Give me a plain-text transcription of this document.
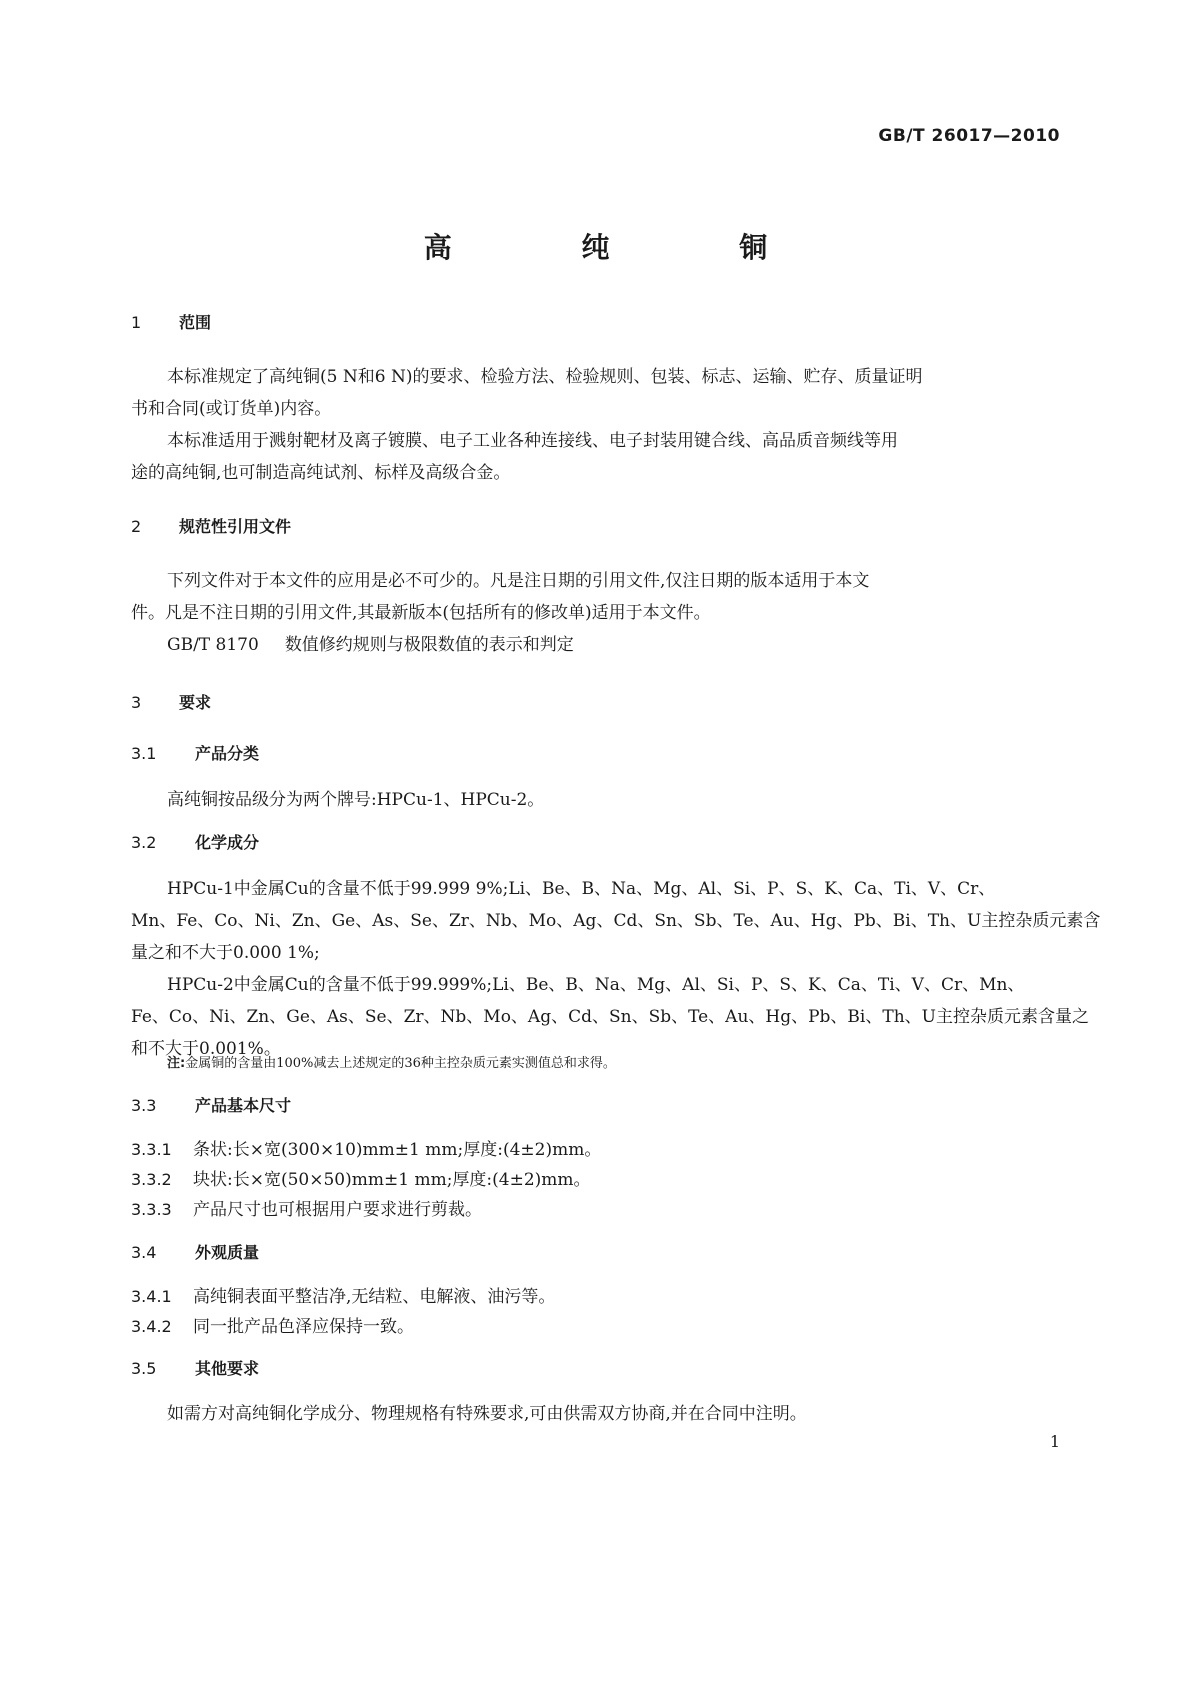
GB/T 26017—2010
高 纯 铜
1 范围
本标准规定了高纯铜(5 N和6 N)的要求、检验方法、检验规则、包装、标志、运输、贮存、质量证明
书和合同(或订货单)内容。
本标准适用于溅射靶材及离子镀膜、电子工业各种连接线、电子封装用键合线、高品质音频线等用
途的高纯铜,也可制造高纯试剂、标样及高级合金。
2 规范性引用文件
下列文件对于本文件的应用是必不可少的。凡是注日期的引用文件,仅注日期的版本适用于本文
件。凡是不注日期的引用文件,其最新版本(包括所有的修改单)适用于本文件。
GB/T 8170 数值修约规则与极限数值的表示和判定
3 要求
3.1 产品分类
高纯铜按品级分为两个牌号:HPCu-1、HPCu-2。
3.2 化学成分
HPCu-1中金属Cu的含量不低于99.999 9%;Li、Be、B、Na、Mg、Al、Si、P、S、K、Ca、Ti、V、Cr、
Mn、Fe、Co、Ni、Zn、Ge、As、Se、Zr、Nb、Mo、Ag、Cd、Sn、Sb、Te、Au、Hg、Pb、Bi、Th、U主控杂质元素含
量之和不大于0.000 1%;
HPCu-2中金属Cu的含量不低于99.999%;Li、Be、B、Na、Mg、Al、Si、P、S、K、Ca、Ti、V、Cr、Mn、
Fe、Co、Ni、Zn、Ge、As、Se、Zr、Nb、Mo、Ag、Cd、Sn、Sb、Te、Au、Hg、Pb、Bi、Th、U主控杂质元素含量之
和不大于0.001%。
注:金属铜的含量由100%减去上述规定的36种主控杂质元素实测值总和求得。
3.3 产品基本尺寸
3.3.1 条状:长×宽(300×10)mm±1 mm;厚度:(4±2)mm。
3.3.2 块状:长×宽(50×50)mm±1 mm;厚度:(4±2)mm。
3.3.3 产品尺寸也可根据用户要求进行剪裁。
3.4 外观质量
3.4.1 高纯铜表面平整洁净,无结粒、电解液、油污等。
3.4.2 同一批产品色泽应保持一致。
3.5 其他要求
如需方对高纯铜化学成分、物理规格有特殊要求,可由供需双方协商,并在合同中注明。
1
